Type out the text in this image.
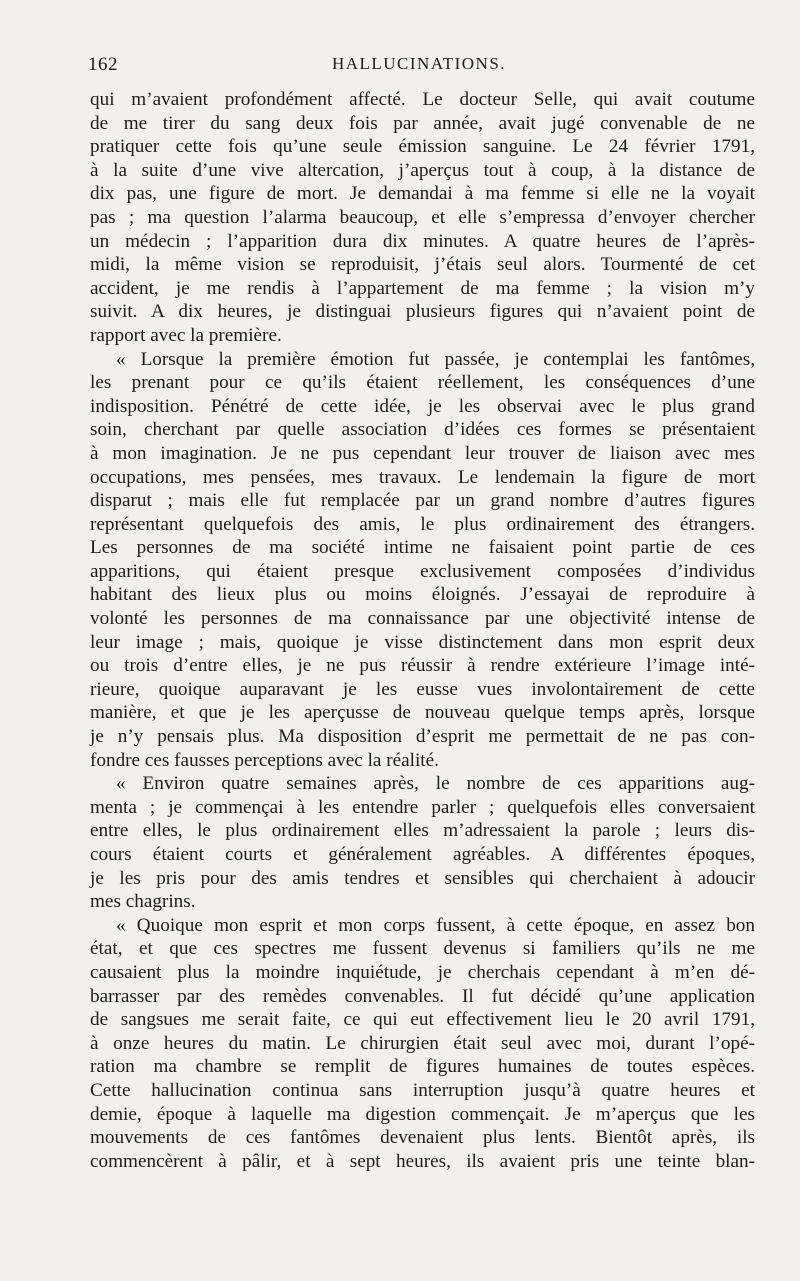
162	HALLUCINATIONS.
qui m’avaient profondément affecté. Le docteur Selle, qui avait coutume
de me tirer du sang deux fois par année, avait jugé convenable de ne
pratiquer cette fois qu’une seule émission sanguine. Le 24 février 1791,
à la suite d’une vive altercation, j’aperçus tout à coup, à la distance de
dix pas, une figure de mort. Je demandai à ma femme si elle ne la voyait
pas ; ma question l’alarma beaucoup, et elle s’empressa d’envoyer chercher
un médecin ; l’apparition dura dix minutes. A quatre heures de l’après-
midi, la même vision se reproduisit, j’étais seul alors. Tourmenté de cet
accident, je me rendis à l’appartement de ma femme ; la vision m’y
suivit. A dix heures, je distinguai plusieurs figures qui n’avaient point de
rapport avec la première.
« Lorsque la première émotion fut passée, je contemplai les fantômes,
les prenant pour ce qu’ils étaient réellement, les conséquences d’une
indisposition. Pénétré de cette idée, je les observai avec le plus grand
soin, cherchant par quelle association d’idées ces formes se présentaient
à mon imagination. Je ne pus cependant leur trouver de liaison avec mes
occupations, mes pensées, mes travaux. Le lendemain la figure de mort
disparut ; mais elle fut remplacée par un grand nombre d’autres figures
représentant quelquefois des amis, le plus ordinairement des étrangers.
Les personnes de ma société intime ne faisaient point partie de ces
apparitions, qui étaient presque exclusivement composées d’individus
habitant des lieux plus ou moins éloignés. J’essayai de reproduire à
volonté les personnes de ma connaissance par une objectivité intense de
leur image ; mais, quoique je visse distinctement dans mon esprit deux
ou trois d’entre elles, je ne pus réussir à rendre extérieure l’image inté-
rieure, quoique auparavant je les eusse vues involontairement de cette
manière, et que je les aperçusse de nouveau quelque temps après, lorsque
je n’y pensais plus. Ma disposition d’esprit me permettait de ne pas con-
fondre ces fausses perceptions avec la réalité.
« Environ quatre semaines après, le nombre de ces apparitions aug-
menta ; je commençai à les entendre parler ; quelquefois elles conversaient
entre elles, le plus ordinairement elles m’adressaient la parole ; leurs dis-
cours étaient courts et généralement agréables. A différentes époques,
je les pris pour des amis tendres et sensibles qui cherchaient à adoucir
mes chagrins.
« Quoique mon esprit et mon corps fussent, à cette époque, en assez bon
état, et que ces spectres me fussent devenus si familiers qu’ils ne me
causaient plus la moindre inquiétude, je cherchais cependant à m’en dé-
barrasser par des remèdes convenables. Il fut décidé qu’une application
de sangsues me serait faite, ce qui eut effectivement lieu le 20 avril 1791,
à onze heures du matin. Le chirurgien était seul avec moi, durant l’opé-
ration ma chambre se remplit de figures humaines de toutes espèces.
Cette hallucination continua sans interruption jusqu’à quatre heures et
demie, époque à laquelle ma digestion commençait. Je m’aperçus que les
mouvements de ces fantômes devenaient plus lents. Bientôt après, ils
commencèrent à pâlir, et à sept heures, ils avaient pris une teinte blan-
